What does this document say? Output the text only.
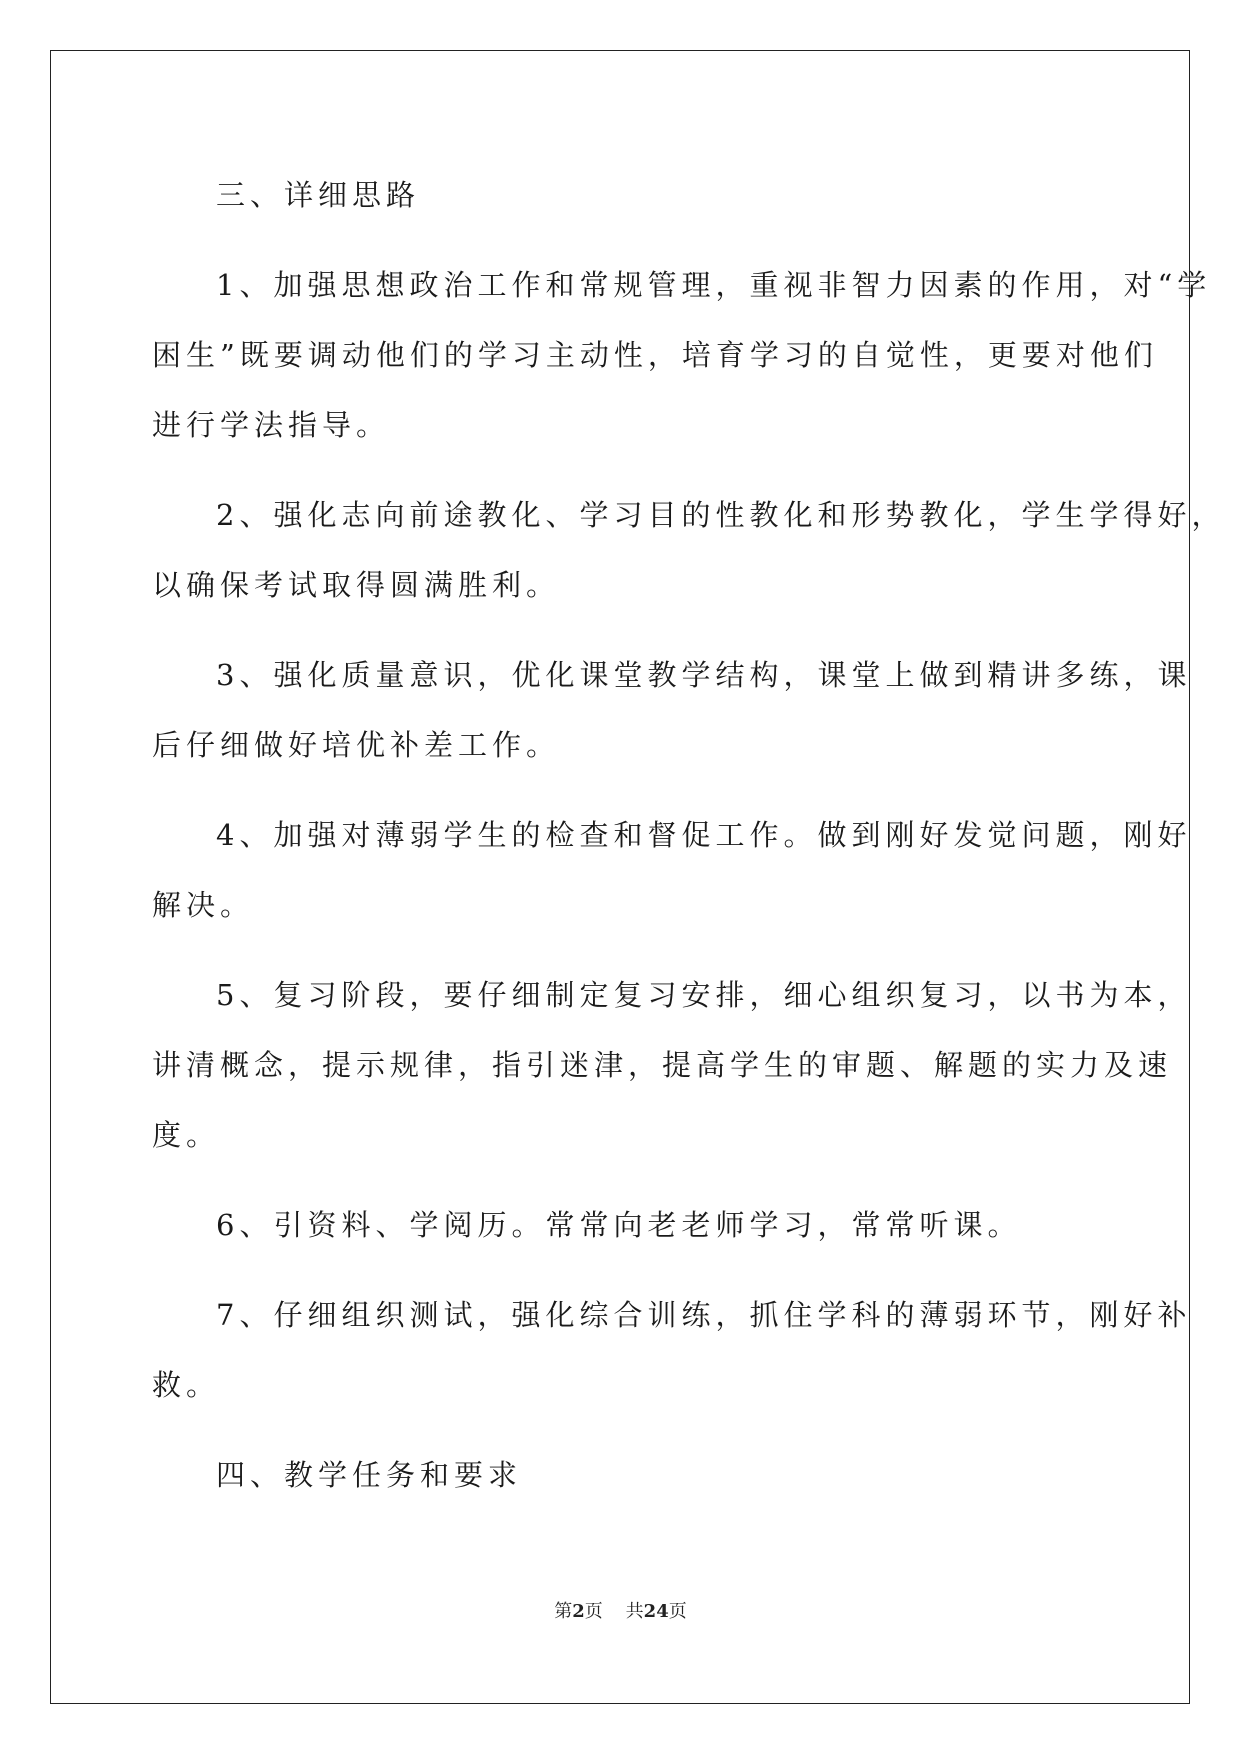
三、详细思路
1、加强思想政治工作和常规管理，重视非智力因素的作用，对“学
困生”既要调动他们的学习主动性，培育学习的自觉性，更要对他们
进行学法指导。
2、强化志向前途教化、学习目的性教化和形势教化，学生学得好，
以确保考试取得圆满胜利。
3、强化质量意识，优化课堂教学结构，课堂上做到精讲多练，课
后仔细做好培优补差工作。
4、加强对薄弱学生的检查和督促工作。做到刚好发觉问题，刚好
解决。
5、复习阶段，要仔细制定复习安排，细心组织复习，以书为本，
讲清概念，提示规律，指引迷津，提高学生的审题、解题的实力及速
度。
6、引资料、学阅历。常常向老老师学习，常常听课。
7、仔细组织测试，强化综合训练，抓住学科的薄弱环节，刚好补
救。
四、教学任务和要求
第2页    共24页
